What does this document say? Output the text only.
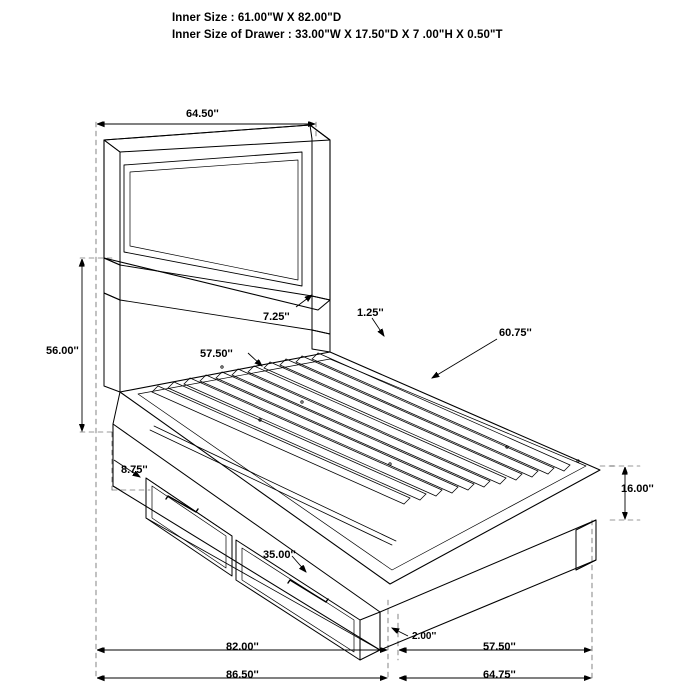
Inner Size : 61.00"W X 82.00"D
Inner Size of Drawer : 33.00"W X 17.50"D X 7 .00"H X 0.50"T
64.50''
56.00''
7.25''	1.25''
57.50''
60.75''
8.75''
16.00''
35.00''
2.00''
82.00''	57.50''
86.50''	64.75''
